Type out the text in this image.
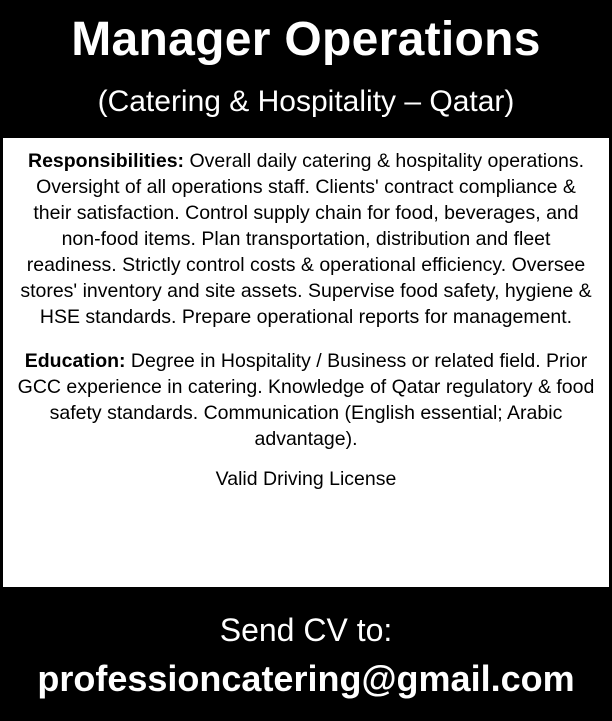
Manager Operations
(Catering & Hospitality – Qatar)

Responsibilities: Overall daily catering & hospitality operations. Oversight of all operations staff. Clients' contract compliance & their satisfaction. Control supply chain for food, beverages, and non-food items. Plan transportation, distribution and fleet readiness. Strictly control costs & operational efficiency. Oversee stores' inventory and site assets. Supervise food safety, hygiene & HSE standards. Prepare operational reports for management.

Education: Degree in Hospitality / Business or related field. Prior GCC experience in catering. Knowledge of Qatar regulatory & food safety standards. Communication (English essential; Arabic advantage).

Valid Driving License
Send CV to:
professioncatering@gmail.com
